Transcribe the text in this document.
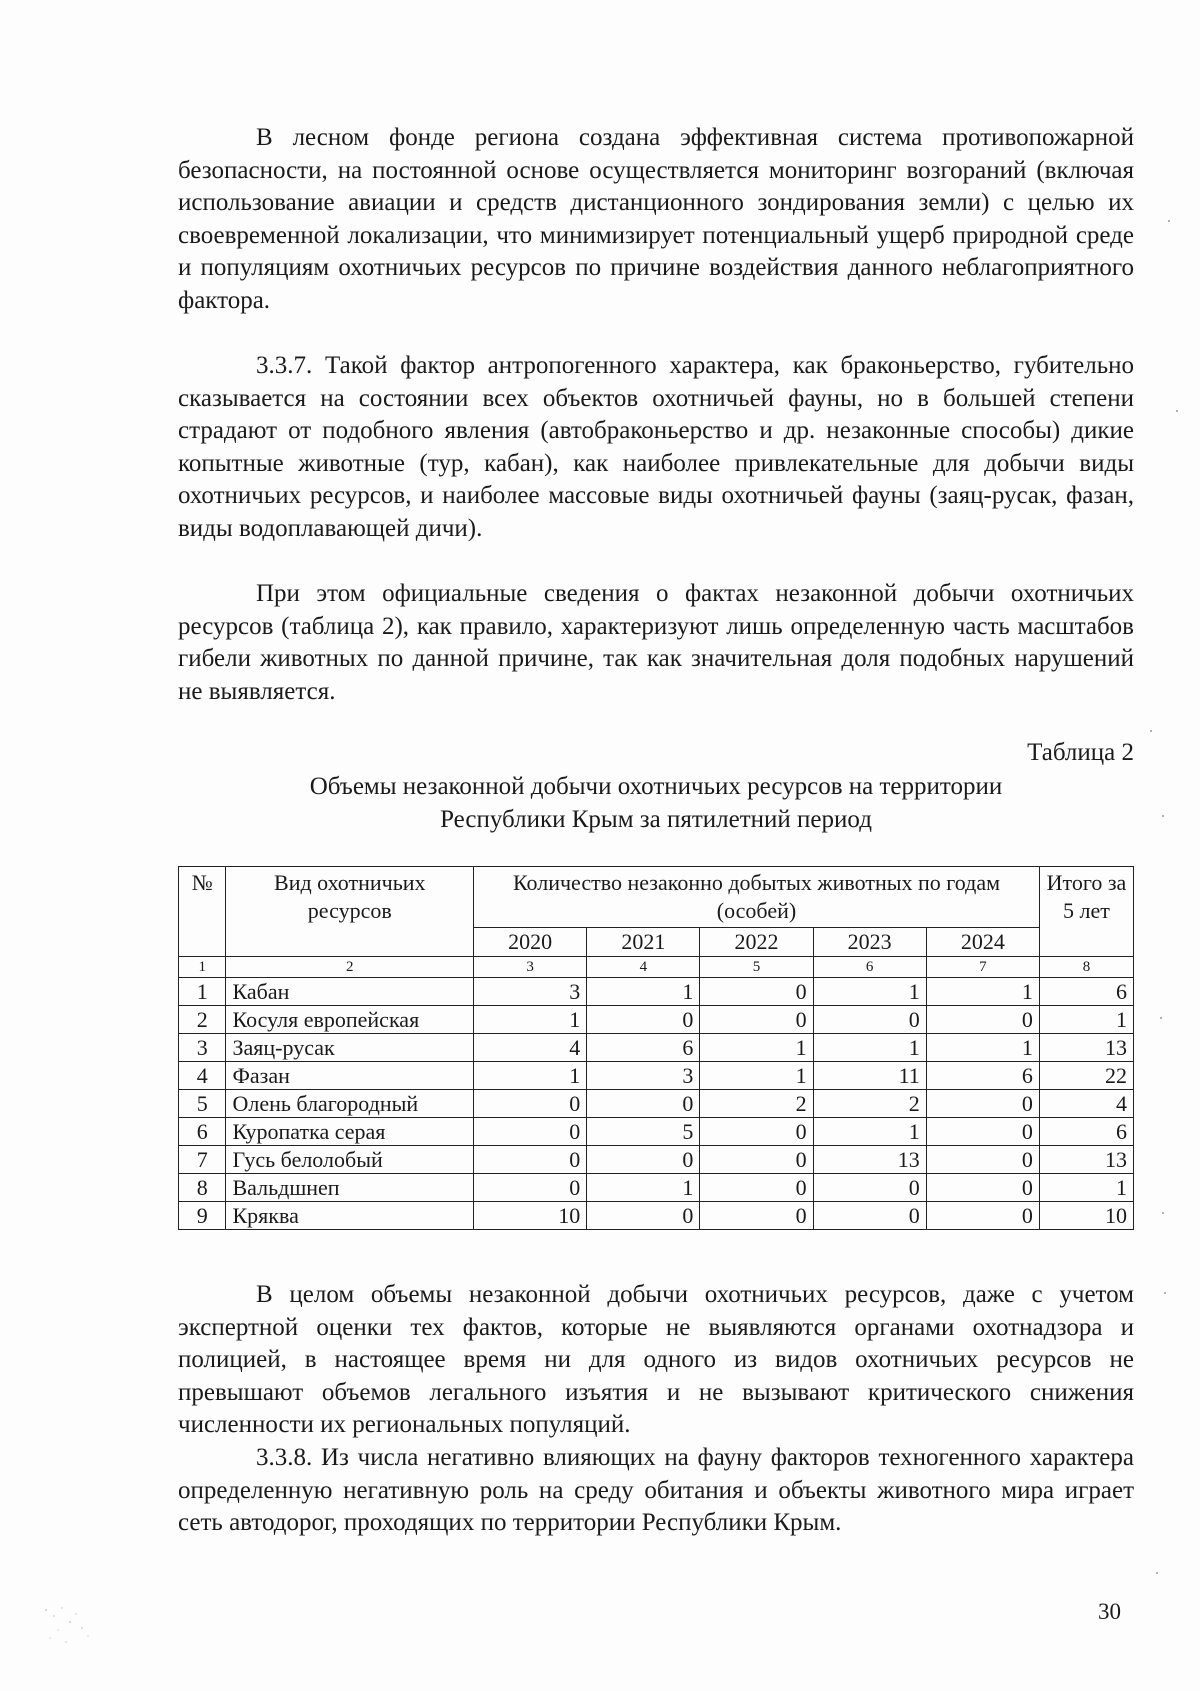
В лесном фонде региона создана эффективная система противопожарной безопасности, на постоянной основе осуществляется мониторинг возгораний (включая использование авиации и средств дистанционного зондирования земли) с целью их своевременной локализации, что минимизирует потенциальный ущерб природной среде и популяциям охотничьих ресурсов по причине воздействия данного неблагоприятного фактора.

3.3.7. Такой фактор антропогенного характера, как браконьерство, губительно сказывается на состоянии всех объектов охотничьей фауны, но в большей степени страдают от подобного явления (автобраконьерство и др. незаконные способы) дикие копытные животные (тур, кабан), как наиболее привлекательные для добычи виды охотничьих ресурсов, и наиболее массовые виды охотничьей фауны (заяц-русак, фазан, виды водоплавающей дичи).

При этом официальные сведения о фактах незаконной добычи охотничьих ресурсов (таблица 2), как правило, характеризуют лишь определенную часть масштабов гибели животных по данной причине, так как значительная доля подобных нарушений не выявляется.

Таблица 2

Объемы незаконной добычи охотничьих ресурсов на территории
Республики Крым за пятилетний период
№	Вид охотничьих ресурсов	Количество незаконно добытых животных по годам (особей)					Итого за 5 лет
		2020	2021	2022	2023	2024	
1	2	3	4	5	6	7	8
1	Кабан	3	1	0	1	1	6
2	Косуля европейская	1	0	0	0	0	1
3	Заяц-русак	4	6	1	1	1	13
4	Фазан	1	3	1	11	6	22
5	Олень благородный	0	0	2	2	0	4
6	Куропатка серая	0	5	0	1	0	6
7	Гусь белолобый	0	0	0	13	0	13
8	Вальдшнеп	0	1	0	0	0	1
9	Кряква	10	0	0	0	0	10

В целом объемы незаконной добычи охотничьих ресурсов, даже с учетом экспертной оценки тех фактов, которые не выявляются органами охотнадзора и полицией, в настоящее время ни для одного из видов охотничьих ресурсов не превышают объемов легального изъятия и не вызывают критического снижения численности их региональных популяций.

3.3.8. Из числа негативно влияющих на фауну факторов техногенного характера определенную негативную роль на среду обитания и объекты животного мира играет сеть автодорог, проходящих по территории Республики Крым.

30
